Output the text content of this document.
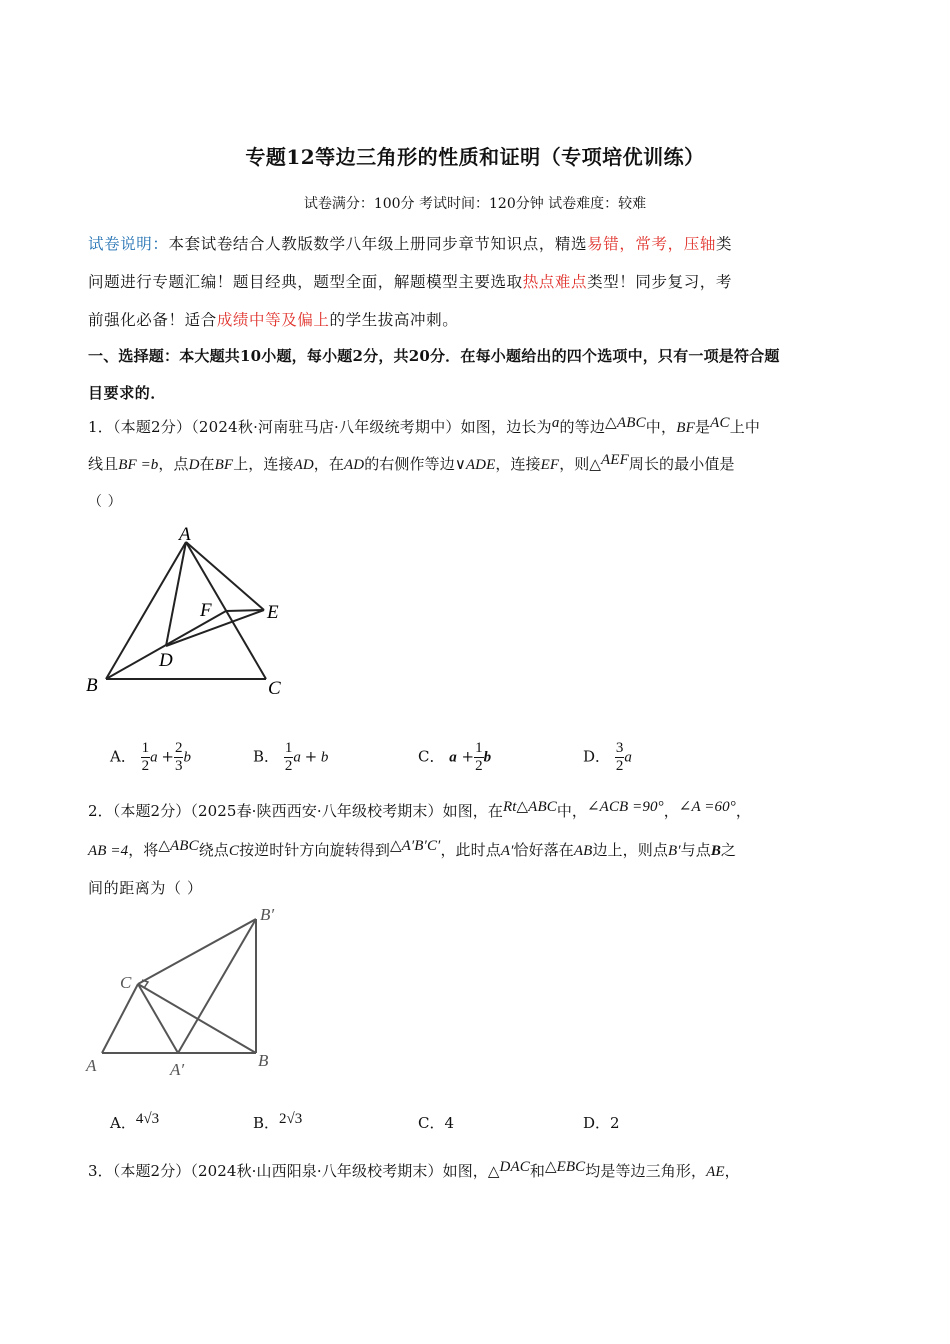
专题12等边三角形的性质和证明（专项培优训练）
试卷满分：100分 考试时间：120分钟 试卷难度：较难
试卷说明：本套试卷结合人教版数学八年级上册同步章节知识点，精选易错，常考，压轴类
问题进行专题汇编！题目经典，题型全面，解题模型主要选取热点难点类型！同步复习，考
前强化必备！适合成绩中等及偏上的学生拔高冲刺。
一、选择题：本大题共10小题，每小题2分，共20分．在每小题给出的四个选项中，只有一项是符合题
目要求的．
1．（本题2分）（2024秋·河南驻马店·八年级统考期中）如图，边长为a的等边△ABC中，BF是AC上中
线且BF =b，点D在BF上，连接AD，在AD的右侧作等边∨ADE，连接EF，则△AEF周长的最小值是
（ ）
A
F	E
D
B	C
A． $\frac{1}{2}$ $a + \frac{2}{3}$ b	B． $\frac{1}{2}$ a + b	C． $a + \frac{1}{2}$ b	D． $\frac{3}{2}$ a
2．（本题2分）（2025春·陕西西安·八年级校考期末）如图，在Rt△ABC中，∠ACB =90°，∠A =60°，
AB =4，将△ABC绕点C按逆时针方向旋转得到△A′B′C′，此时点A′恰好落在AB边上，则点B′与点B之
间的距离为（ ）
B′
C
A	A′	B
A．4√3	B．2√3	C．4	D．2
3．（本题2分）（2024秋·山西阳泉·八年级校考期末）如图，△DAC和△EBC均是等边三角形，AE，
